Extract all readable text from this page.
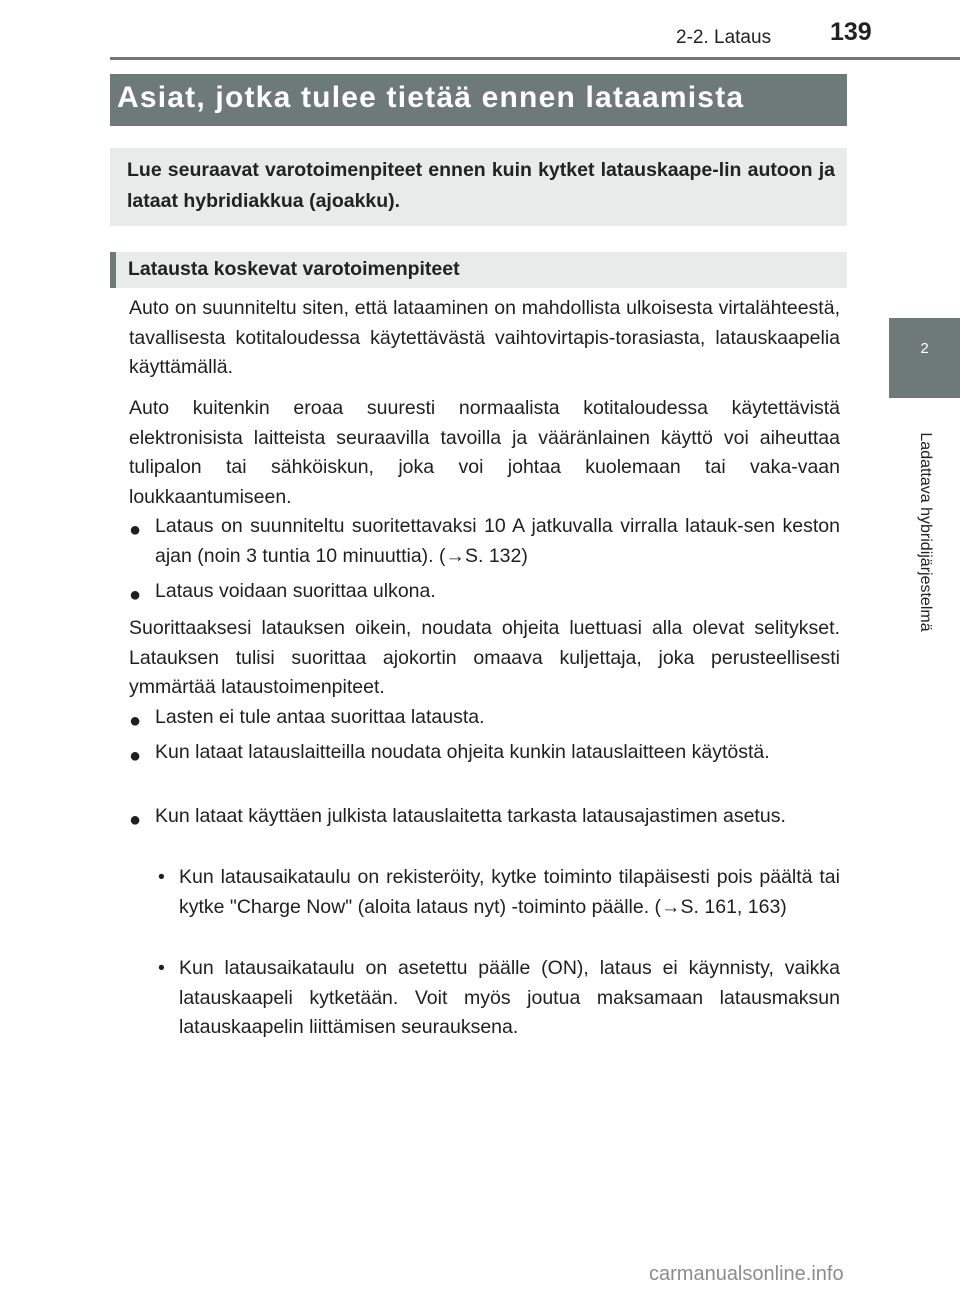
2-2. Lataus 139
Asiat, jotka tulee tietää ennen lataamista
Lue seuraavat varotoimenpiteet ennen kuin kytket latauskaape-lin autoon ja lataat hybridiakkua (ajoakku).
Latausta koskevat varotoimenpiteet
Auto on suunniteltu siten, että lataaminen on mahdollista ulkoisesta virtalähteestä, tavallisesta kotitaloudessa käytettävästä vaihtovirtapis-torasiasta, latauskaapelia käyttämällä.
Auto kuitenkin eroaa suuresti normaalista kotitaloudessa käytettävistä elektronisista laitteista seuraavilla tavoilla ja vääränlainen käyttö voi aiheuttaa tulipalon tai sähköiskun, joka voi johtaa kuolemaan tai vaka-vaan loukkaantumiseen.
● Lataus on suunniteltu suoritettavaksi 10 A jatkuvalla virralla latauk-sen keston ajan (noin 3 tuntia 10 minuuttia). (→S. 132)
● Lataus voidaan suorittaa ulkona.
Suorittaaksesi latauksen oikein, noudata ohjeita luettuasi alla olevat selitykset. Latauksen tulisi suorittaa ajokortin omaava kuljettaja, joka perusteellisesti ymmärtää lataustoimenpiteet.
● Lasten ei tule antaa suorittaa latausta.
● Kun lataat latauslaitteilla noudata ohjeita kunkin latauslaitteen käytöstä.
● Kun lataat käyttäen julkista latauslaitetta tarkasta latausajastimen asetus.
• Kun latausaikataulu on rekisteröity, kytke toiminto tilapäisesti pois päältä tai kytke "Charge Now" (aloita lataus nyt) -toiminto päälle. (→S. 161, 163)
• Kun latausaikataulu on asetettu päälle (ON), lataus ei käynnisty, vaikka latauskaapeli kytketään. Voit myös joutua maksamaan latausmaksun latauskaapelin liittämisen seurauksena.
2
Ladattava hybridijärjestelmä
carmanualsonline.info
